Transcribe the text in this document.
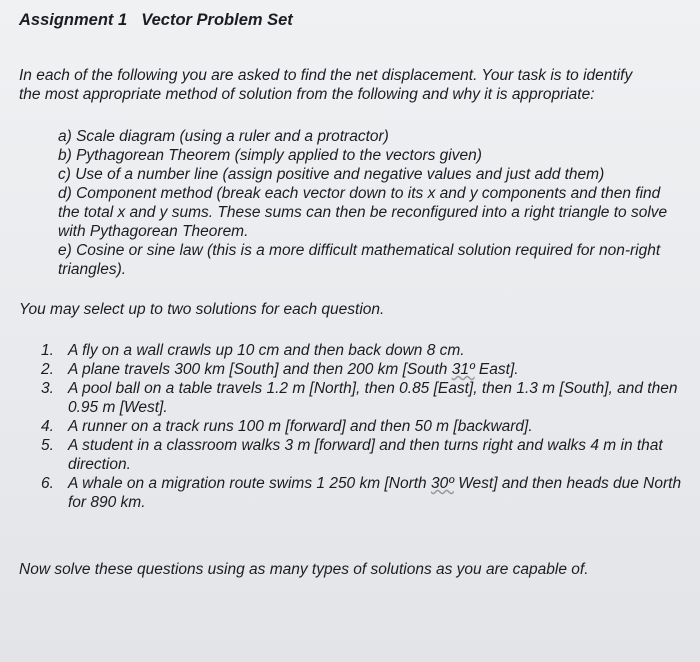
Assignment 1 Vector Problem Set

In each of the following you are asked to find the net displacement. Your task is to identify the most appropriate method of solution from the following and why it is appropriate:

a) Scale diagram (using a ruler and a protractor)
b) Pythagorean Theorem (simply applied to the vectors given)
c) Use of a number line (assign positive and negative values and just add them)
d) Component method (break each vector down to its x and y components and then find the total x and y sums. These sums can then be reconfigured into a right triangle to solve with Pythagorean Theorem.
e) Cosine or sine law (this is a more difficult mathematical solution required for non-right triangles).

You may select up to two solutions for each question.

1. A fly on a wall crawls up 10 cm and then back down 8 cm.
2. A plane travels 300 km [South] and then 200 km [South 31º East].
3. A pool ball on a table travels 1.2 m [North], then 0.85 [East], then 1.3 m [South], and then 0.95 m [West].
4. A runner on a track runs 100 m [forward] and then 50 m [backward].
5. A student in a classroom walks 3 m [forward] and then turns right and walks 4 m in that direction.
6. A whale on a migration route swims 1 250 km [North 30º West] and then heads due North for 890 km.

Now solve these questions using as many types of solutions as you are capable of.
